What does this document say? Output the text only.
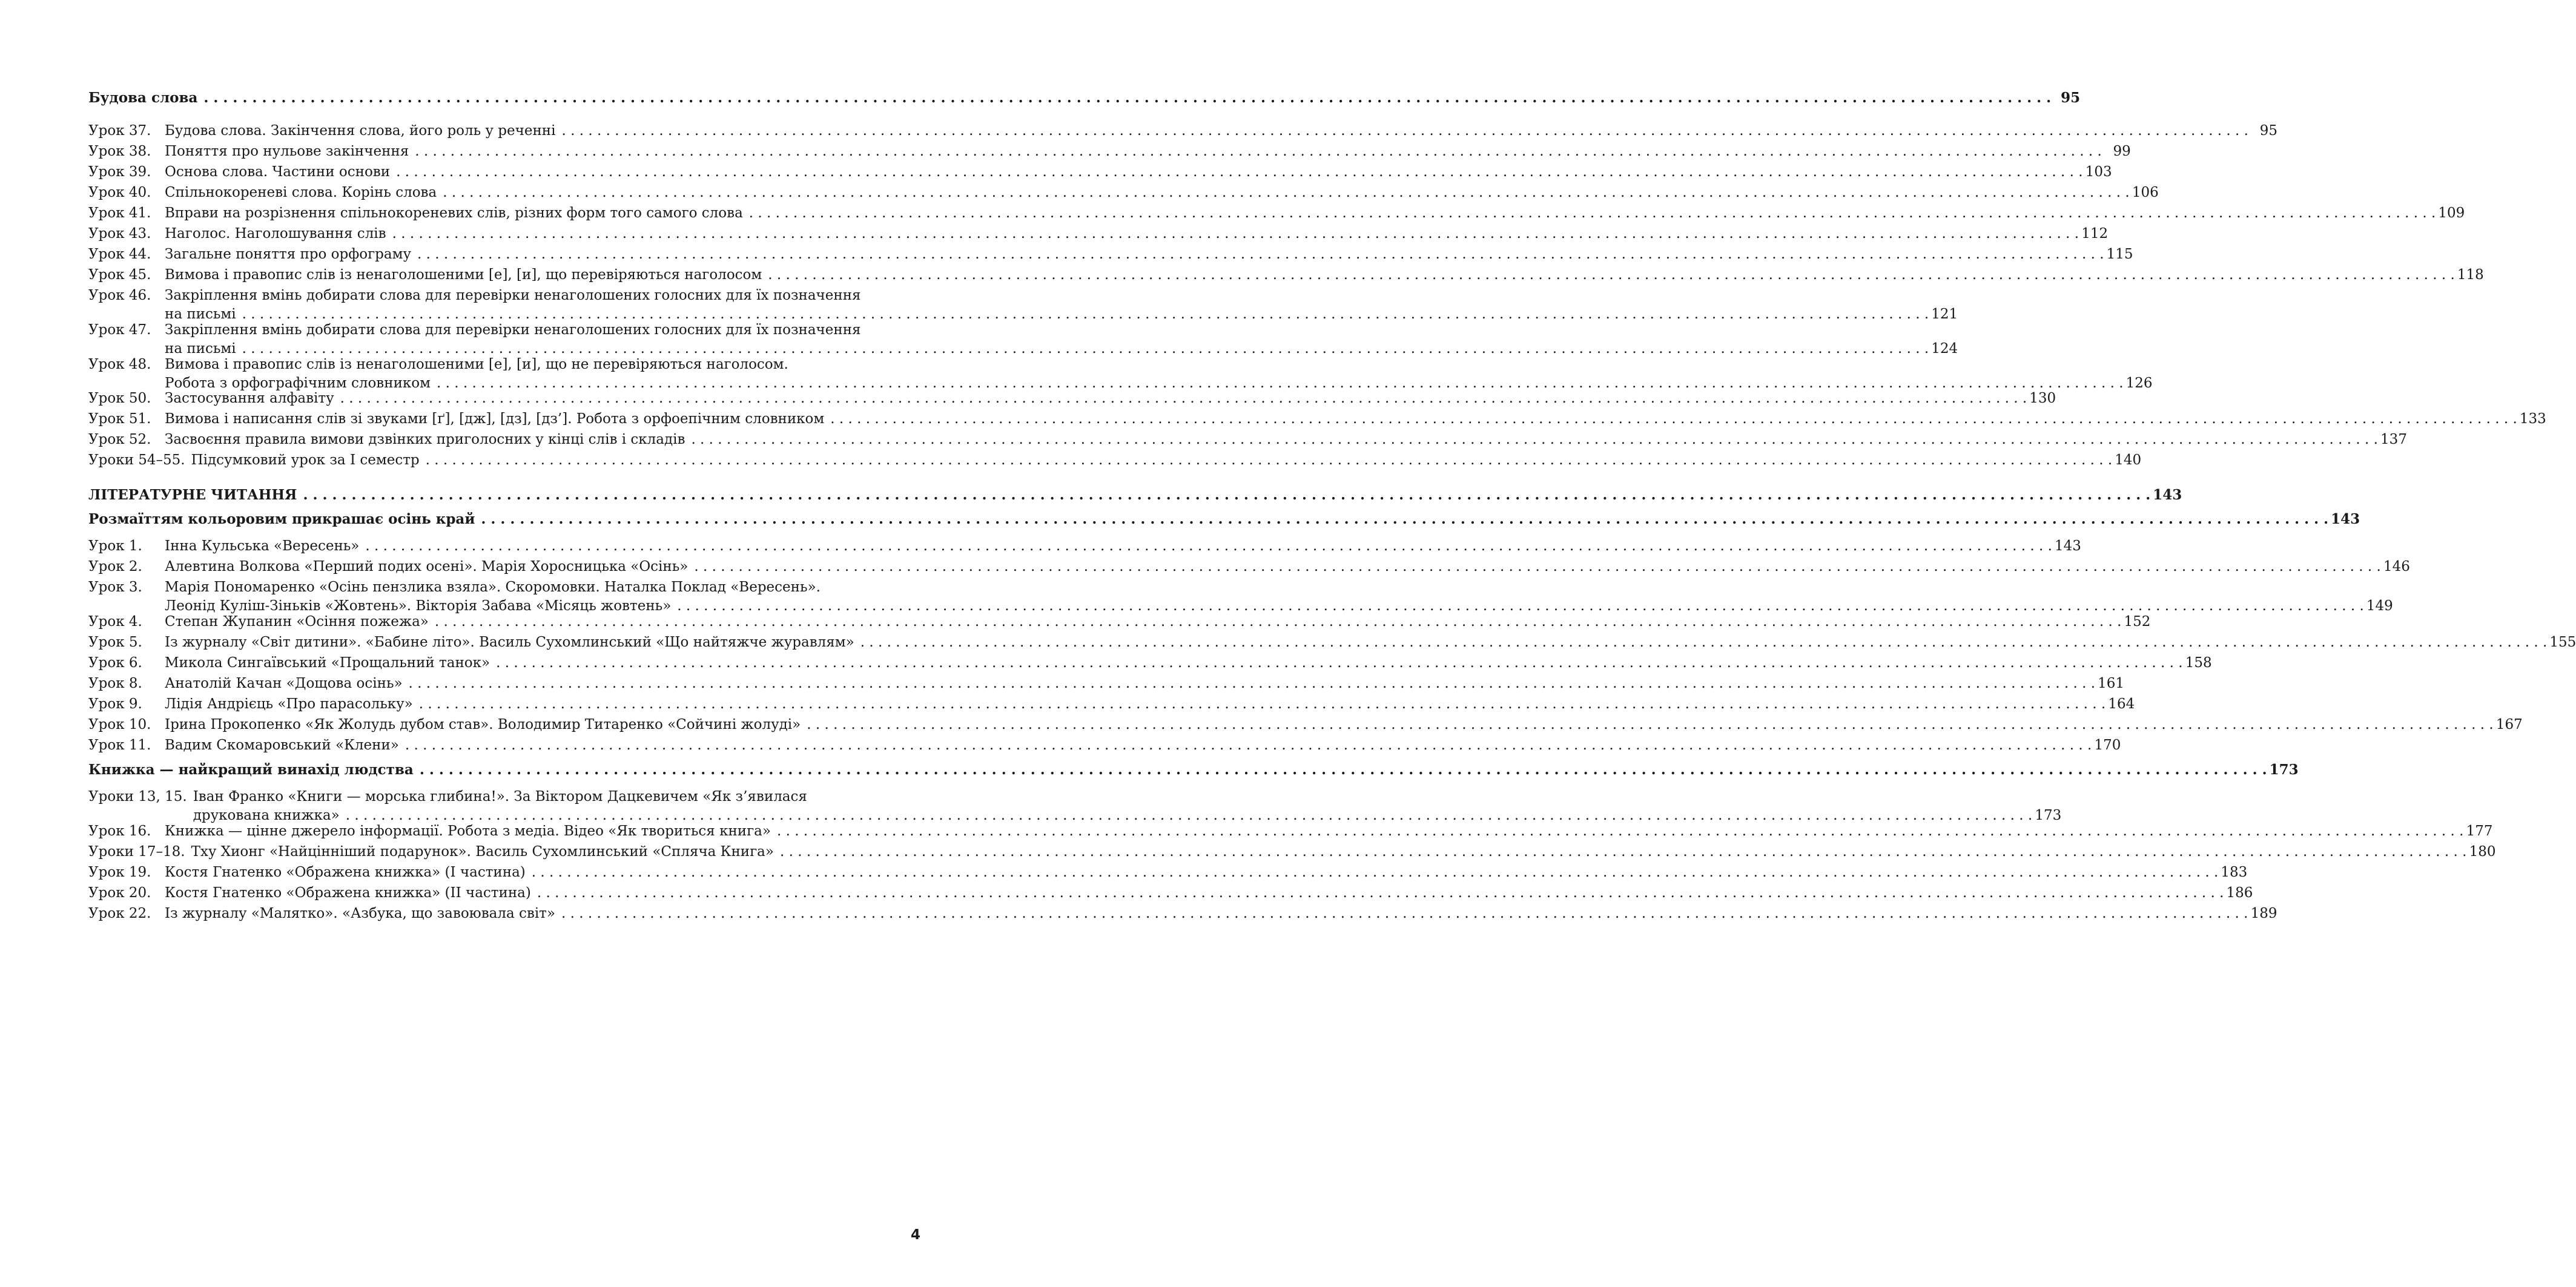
Будова слова . . .	95
Урок 37. Будова слова. Закінчення слова, його роль у реченні . . .	95
Урок 38. Поняття про нульове закінчення . . .	99
Урок 39. Основа слова. Частини основи . . .	103
Урок 40. Спільнокореневі слова. Корінь слова . . .	106
Урок 41. Вправи на розрізнення спільнокореневих слів, різних форм того самого слова . . .	109
Урок 43. Наголос. Наголошування слів . . .	112
Урок 44. Загальне поняття про орфограму . . .	115
Урок 45. Вимова і правопис слів із ненаголошеними [е], [и], що перевіряються наголосом . . .	118
Урок 46. Закріплення вмінь добирати слова для перевірки ненаголошених голосних для їх позначення
на письмі . . .	121
Урок 47. Закріплення вмінь добирати слова для перевірки ненаголошених голосних для їх позначення
на письмі . . .	124
Урок 48. Вимова і правопис слів із ненаголошеними [е], [и], що не перевіряються наголосом.
Робота з орфографічним словником . . .	126
Урок 50. Застосування алфавіту . . .	130
Урок 51. Вимова і написання слів зі звуками [ґ], [дж], [дз], [дз’]. Робота з орфоепічним словником . . .	133
Урок 52. Засвоєння правила вимови дзвінких приголосних у кінці слів і складів . . .	137
Уроки 54–55. Підсумковий урок за І семестр . . .	140
ЛІТЕРАТУРНЕ ЧИТАННЯ . . .	143
Розмаїттям кольоровим прикрашає осінь край . . .	143
Урок 1.	Інна Кульська «Вересень» . . .	143
Урок 2.	Алевтина Волкова «Перший подих осені». Марія Хоросницька «Осінь» . . .	146
Урок 3.	Марія Пономаренко «Осінь пензлика взяла». Скоромовки. Наталка Поклад «Вересень».
Леонід Куліш-Зіньків «Жовтень». Вікторія Забава «Місяць жовтень» . . .	149
Урок 4.	Степан Жупанин «Осіння пожежа» . . .	152
Урок 5.	Із журналу «Світ дитини». «Бабине літо». Василь Сухомлинський «Що найтяжче журавлям» . . .	155
Урок 6.	Микола Сингаївський «Прощальний танок» . . .	158
Урок 8.	Анатолій Качан «Дощова осінь» . . .	161
Урок 9.	Лідія Андрієць «Про парасольку» . . .	164
Урок 10. Ірина Прокопенко «Як Жолудь дубом став». Володимир Титаренко «Сойчині жолуді» . . .	167
Урок 11. Вадим Скомаровський «Клени» . . .	170
Книжка — найкращий винахід людства . . .	173
Уроки 13, 15. Іван Франко «Книги — морська глибина!». За Віктором Дацкевичем «Як з’явилася
друкована книжка» . . .	173
Урок 16. Книжка — цінне джерело інформації. Робота з медіа. Відео «Як твориться книга» . . .	177
Уроки 17–18. Тху Хионг «Найцінніший подарунок». Василь Сухомлинський «Спляча Книга» . . .	180
Урок 19. Костя Гнатенко «Ображена книжка» (І частина) . . .	183
Урок 20. Костя Гнатенко «Ображена книжка» (ІІ частина) . . .	186
Урок 22. Із журналу «Малятко». «Азбука, що завоювала світ» . . .	189
4
